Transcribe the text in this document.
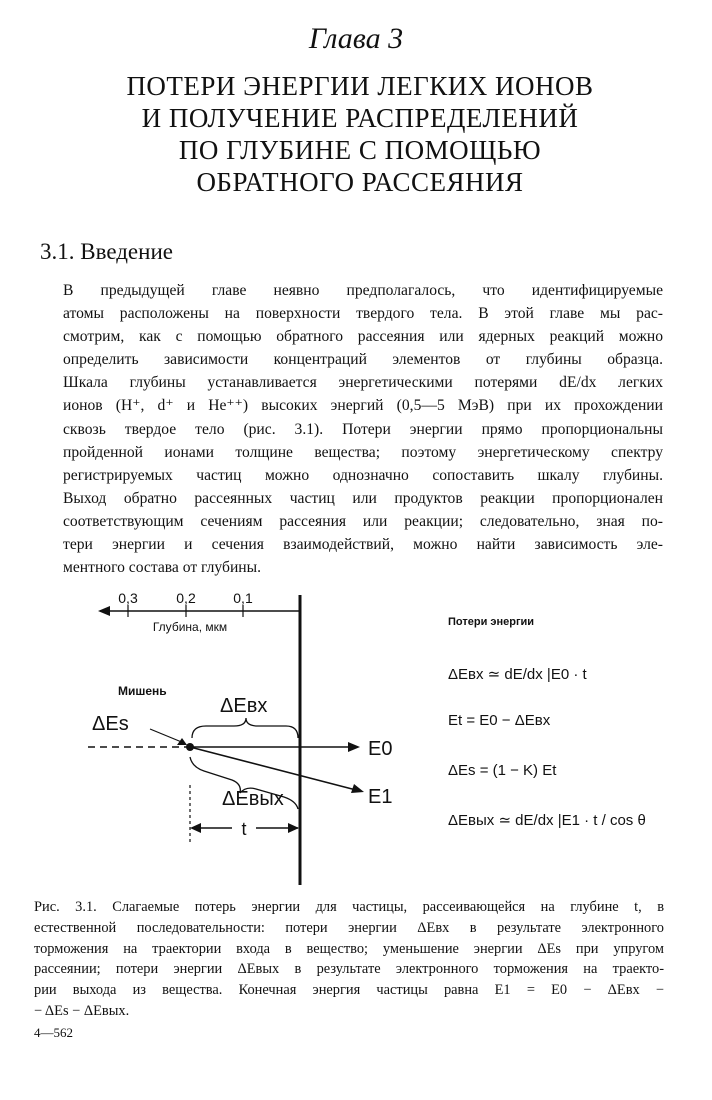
Глава 3
ПОТЕРИ ЭНЕРГИИ ЛЕГКИХ ИОНОВ
И ПОЛУЧЕНИЕ РАСПРЕДЕЛЕНИЙ
ПО ГЛУБИНЕ С ПОМОЩЬЮ
ОБРАТНОГО РАССЕЯНИЯ
3.1. Введение
В предыдущей главе неявно предполагалось, что идентифицируемые
атомы расположены на поверхности твердого тела. В этой главе мы рас-
смотрим, как с помощью обратного рассеяния или ядерных реакций можно
определить зависимости концентраций элементов от глубины образца.
Шкала глубины устанавливается энергетическими потерями dE/dx легких
ионов (H⁺, d⁺ и He⁺⁺) высоких энергий (0,5—5 МэВ) при их прохождении
сквозь твердое тело (рис. 3.1). Потери энергии прямо пропорциональны
пройденной ионами толщине вещества; поэтому энергетическому спектру
регистрируемых частиц можно однозначно сопоставить шкалу глубины.
Выход обратно рассеянных частиц или продуктов реакции пропорционален
соответствующим сечениям рассеяния или реакции; следовательно, зная по-
тери энергии и сечения взаимодействий, можно найти зависимость эле-
ментного состава от глубины.
0,3	0,2	0,1
Глубина, мкм
Мишень
ΔEs
E0
E1
ΔEвх
ΔEвых
t
Потери энергии
ΔEвх ≃ dE/dx |E0 · t
Et = E0 − ΔEвх
ΔEs = (1 − K) Et
ΔEвых ≃ dE/dx |E1 · t / cos θ
Рис. 3.1. Слагаемые потерь энергии для частицы, рассеивающейся на глубине t, в
естественной последовательности: потери энергии ΔEвх в результате электронного
торможения на траектории входа в вещество; уменьшение энергии ΔEs при упругом
рассеянии; потери энергии ΔEвых в результате электронного торможения на траекто-
рии выхода из вещества. Конечная энергия частицы равна E1 = E0 − ΔEвх −
− ΔEs − ΔEвых.
4—562
